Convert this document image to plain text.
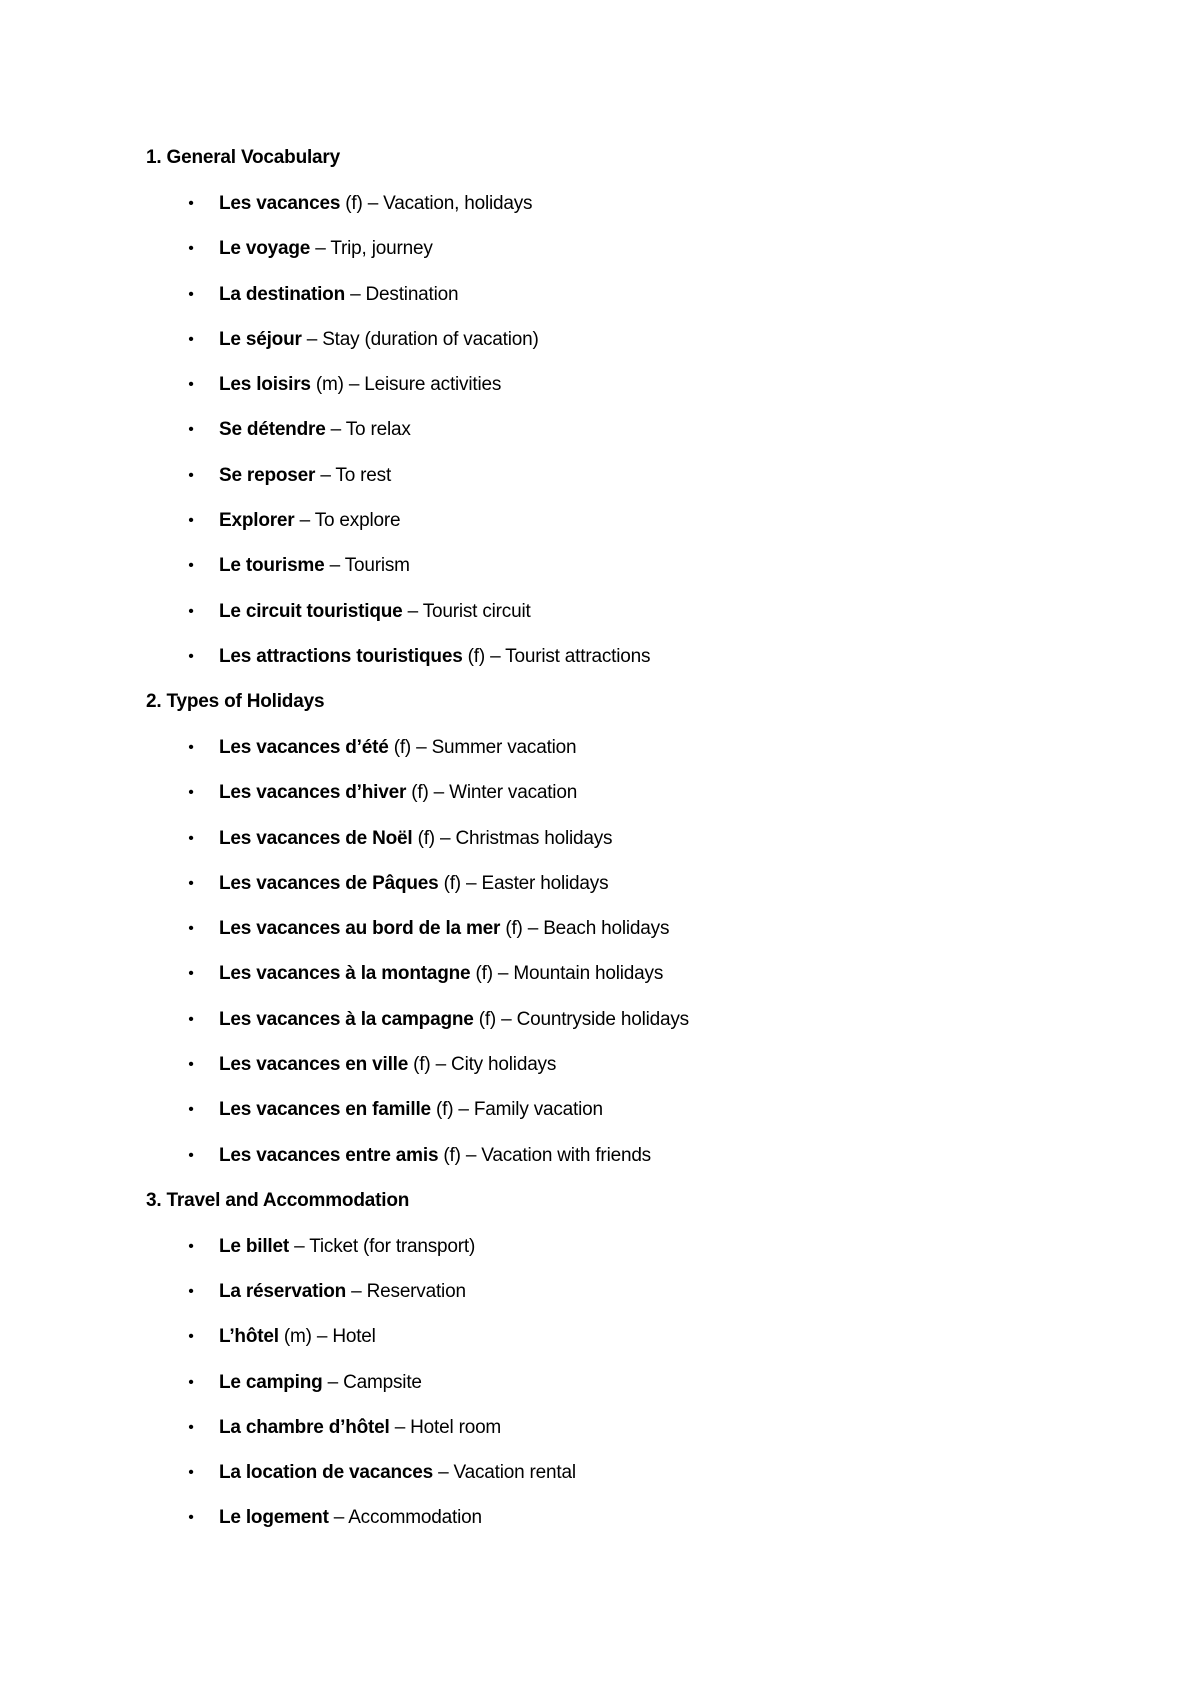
1. General Vocabulary
• Les vacances (f) – Vacation, holidays
• Le voyage – Trip, journey
• La destination – Destination
• Le séjour – Stay (duration of vacation)
• Les loisirs (m) – Leisure activities
• Se détendre – To relax
• Se reposer – To rest
• Explorer – To explore
• Le tourisme – Tourism
• Le circuit touristique – Tourist circuit
• Les attractions touristiques (f) – Tourist attractions
2. Types of Holidays
• Les vacances d’été (f) – Summer vacation
• Les vacances d’hiver (f) – Winter vacation
• Les vacances de Noël (f) – Christmas holidays
• Les vacances de Pâques (f) – Easter holidays
• Les vacances au bord de la mer (f) – Beach holidays
• Les vacances à la montagne (f) – Mountain holidays
• Les vacances à la campagne (f) – Countryside holidays
• Les vacances en ville (f) – City holidays
• Les vacances en famille (f) – Family vacation
• Les vacances entre amis (f) – Vacation with friends
3. Travel and Accommodation
• Le billet – Ticket (for transport)
• La réservation – Reservation
• L’hôtel (m) – Hotel
• Le camping – Campsite
• La chambre d’hôtel – Hotel room
• La location de vacances – Vacation rental
• Le logement – Accommodation
